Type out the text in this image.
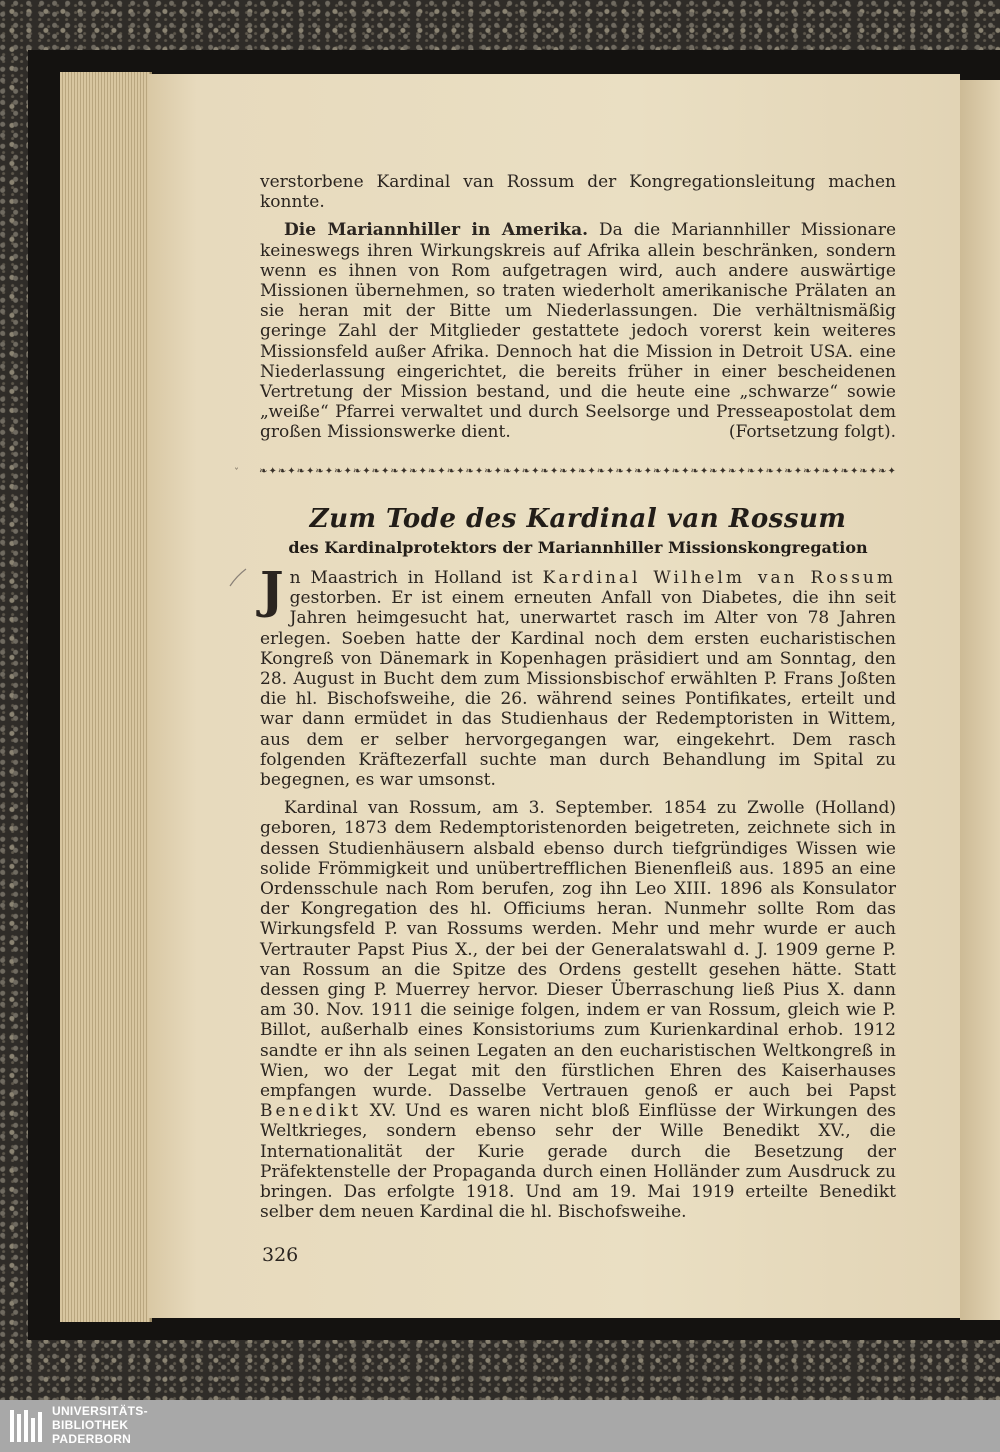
verstorbene Kardinal van Rossum der Kongregationsleitung machen konnte.

Die Mariannhiller in Amerika. Da die Mariannhiller Missionare keineswegs ihren Wirkungskreis auf Afrika allein beschränken, sondern wenn es ihnen von Rom aufgetragen wird, auch andere auswärtige Missionen übernehmen, so traten wiederholt amerikanische Prälaten an sie heran mit der Bitte um Niederlassungen. Die verhältnismäßig geringe Zahl der Mitglieder gestattete jedoch vorerst kein weiteres Missionsfeld außer Afrika. Dennoch hat die Mission in Detroit USA. eine Niederlassung eingerichtet, die bereits früher in einer bescheidenen Vertretung der Mission bestand, und die heute eine „schwarze“ sowie „weiße“ Pfarrei verwaltet und durch Seelsorge und Presseapostolat dem großen Missionswerke dient.	(Fortsetzung folgt).

ˇ ❧✦❧✦❧✦❧✦❧✦❧✦❧✦❧✦❧✦❧✦❧✦❧✦❧✦❧✦❧✦❧✦❧✦❧✦❧✦❧✦❧✦❧✦❧✦❧✦❧✦❧✦❧✦❧✦❧✦❧✦❧✦❧✦❧✦❧✦
Zum Tode des Kardinal van Rossum
des Kardinalprotektors der Mariannhiller Missionskongregation

Jn Maastrich in Holland ist Kardinal Wilhelm van Rossum gestorben. Er ist einem erneuten Anfall von Diabetes, die ihn seit Jahren heimgesucht hat, unerwartet rasch im Alter von 78 Jahren erlegen. Soeben hatte der Kardinal noch dem ersten eucharistischen Kongreß von Dänemark in Kopenhagen präsidiert und am Sonntag, den 28. August in Bucht dem zum Missionsbischof erwählten P. Frans Joßten die hl. Bischofsweihe, die 26. während seines Pontifikates, erteilt und war dann ermüdet in das Studienhaus der Redemptoristen in Wittem, aus dem er selber hervorgegangen war, eingekehrt. Dem rasch folgenden Kräftezerfall suchte man durch Behandlung im Spital zu begegnen, es war umsonst.

Kardinal van Rossum, am 3. September. 1854 zu Zwolle (Holland) geboren, 1873 dem Redemptoristenorden beigetreten, zeichnete sich in dessen Studienhäusern alsbald ebenso durch tiefgründiges Wissen wie solide Frömmigkeit und unübertrefflichen Bienenfleiß aus. 1895 an eine Ordensschule nach Rom berufen, zog ihn Leo XIII. 1896 als Konsulator der Kongregation des hl. Officiums heran. Nunmehr sollte Rom das Wirkungsfeld P. van Rossums werden. Mehr und mehr wurde er auch Vertrauter Papst Pius X., der bei der Generalatswahl d. J. 1909 gerne P. van Rossum an die Spitze des Ordens gestellt gesehen hätte. Statt dessen ging P. Muerrey hervor. Dieser Überraschung ließ Pius X. dann am 30. Nov. 1911 die seinige folgen, indem er van Rossum, gleich wie P. Billot, außerhalb eines Konsistoriums zum Kurienkardinal erhob. 1912 sandte er ihn als seinen Legaten an den eucharistischen Weltkongreß in Wien, wo der Legat mit den fürstlichen Ehren des Kaiserhauses empfangen wurde. Dasselbe Vertrauen genoß er auch bei Papst Benedikt XV. Und es waren nicht bloß Einflüsse der Wirkungen des Weltkrieges, sondern ebenso sehr der Wille Benedikt XV., die Internationalität der Kurie gerade durch die Besetzung der Präfektenstelle der Propaganda durch einen Holländer zum Ausdruck zu bringen. Das erfolgte 1918. Und am 19. Mai 1919 erteilte Benedikt selber dem neuen Kardinal die hl. Bischofsweihe.

326
UNIVERSITÄTS-
BIBLIOTHEK
PADERBORN
